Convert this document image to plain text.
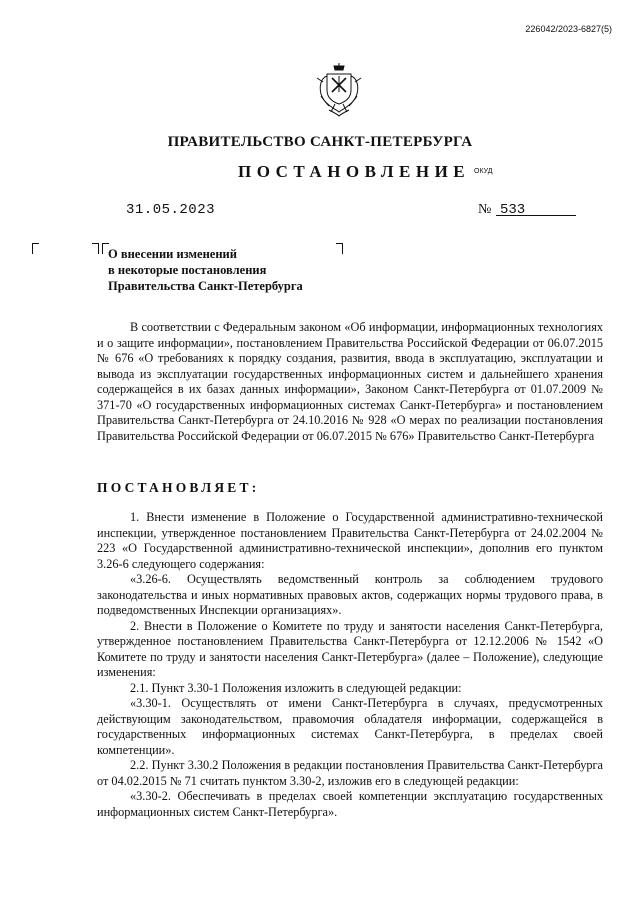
226042/2023-6827(5)
ПРАВИТЕЛЬСТВО САНКТ-ПЕТЕРБУРГА
ПОСТАНОВЛЕНИЕ ОКУД
31.05.2023	№ 533
О внесении изменений
в некоторые постановления
Правительства Санкт-Петербурга

В соответствии с Федеральным законом «Об информации, информационных технологиях и о защите информации», постановлением Правительства Российской Федерации от 06.07.2015 № 676 «О требованиях к порядку создания, развития, ввода в эксплуатацию, эксплуатации и вывода из эксплуатации государственных информационных систем и дальнейшего хранения содержащейся в их базах данных информации», Законом Санкт-Петербурга от 01.07.2009 № 371-70 «О государственных информационных системах Санкт-Петербурга» и постановлением Правительства Санкт-Петербурга от 24.10.2016 № 928 «О мерах по реализации постановления Правительства Российской Федерации от 06.07.2015 № 676» Правительство Санкт-Петербурга

ПОСТАНОВЛЯЕТ:

1. Внести изменение в Положение о Государственной административно-технической инспекции, утвержденное постановлением Правительства Санкт-Петербурга от 24.02.2004 № 223 «О Государственной административно-технической инспекции», дополнив его пунктом 3.26-6 следующего содержания:

«3.26-6. Осуществлять ведомственный контроль за соблюдением трудового законодательства и иных нормативных правовых актов, содержащих нормы трудового права, в подведомственных Инспекции организациях».

2. Внести в Положение о Комитете по труду и занятости населения Санкт-Петербурга, утвержденное постановлением Правительства Санкт-Петербурга от 12.12.2006 № 1542 «О Комитете по труду и занятости населения Санкт-Петербурга» (далее – Положение), следующие изменения:

2.1. Пункт 3.30-1 Положения изложить в следующей редакции:

«3.30-1. Осуществлять от имени Санкт-Петербурга в случаях, предусмотренных действующим законодательством, правомочия обладателя информации, содержащейся в государственных информационных системах Санкт-Петербурга, в пределах своей компетенции».

2.2. Пункт 3.30.2 Положения в редакции постановления Правительства Санкт-Петербурга от 04.02.2015 № 71 считать пунктом 3.30-2, изложив его в следующей редакции:

«3.30-2. Обеспечивать в пределах своей компетенции эксплуатацию государственных информационных систем Санкт-Петербурга».
